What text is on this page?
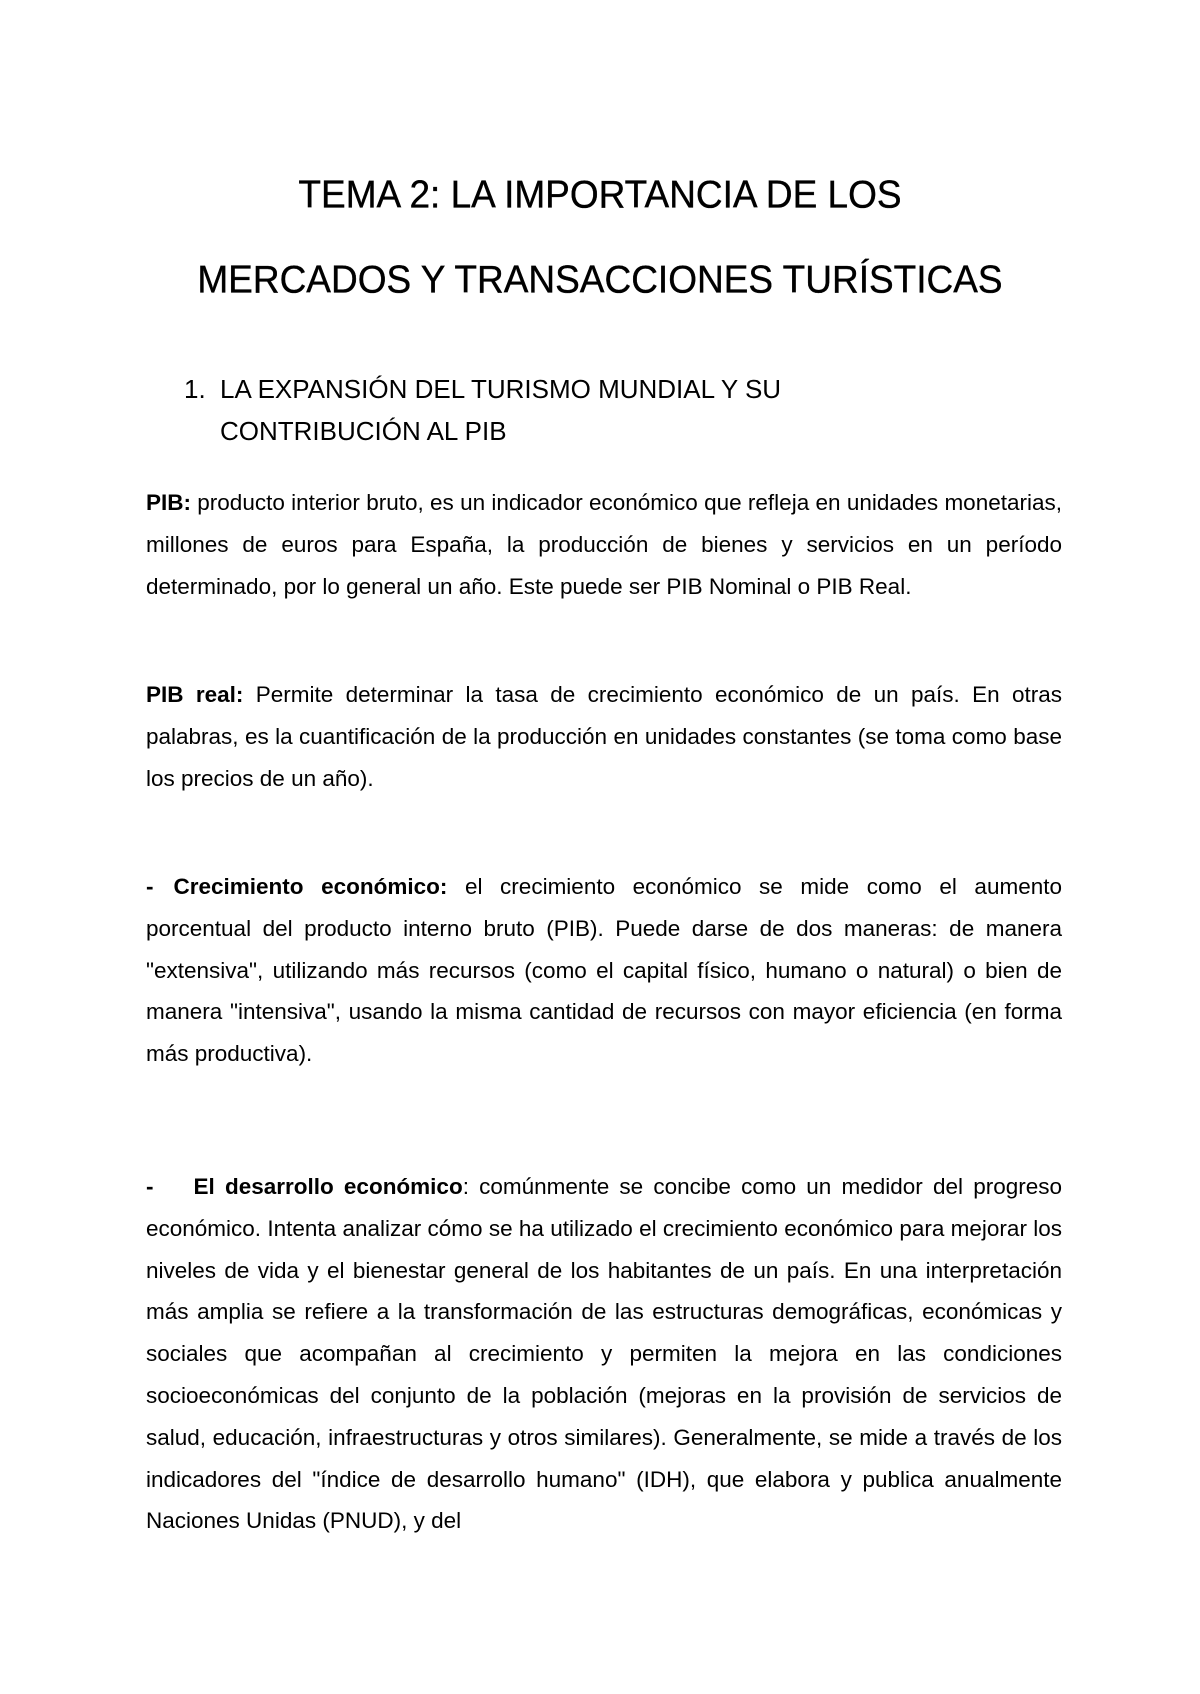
TEMA 2: LA IMPORTANCIA DE LOS
MERCADOS Y TRANSACCIONES TURÍSTICAS
1. LA EXPANSIÓN DEL TURISMO MUNDIAL Y SU CONTRIBUCIÓN AL PIB

PIB: producto interior bruto, es un indicador económico que refleja en unidades monetarias, millones de euros para España, la producción de bienes y servicios en un período determinado, por lo general un año. Este puede ser PIB Nominal o PIB Real.

PIB real: Permite determinar la tasa de crecimiento económico de un país. En otras palabras, es la cuantificación de la producción en unidades constantes (se toma como base los precios de un año).

- Crecimiento económico: el crecimiento económico se mide como el aumento porcentual del producto interno bruto (PIB). Puede darse de dos maneras: de manera "extensiva", utilizando más recursos (como el capital físico, humano o natural) o bien de manera "intensiva", usando la misma cantidad de recursos con mayor eficiencia (en forma más productiva).

- El desarrollo económico: comúnmente se concibe como un medidor del progreso económico. Intenta analizar cómo se ha utilizado el crecimiento económico para mejorar los niveles de vida y el bienestar general de los habitantes de un país. En una interpretación más amplia se refiere a la transformación de las estructuras demográficas, económicas y sociales que acompañan al crecimiento y permiten la mejora en las condiciones socioeconómicas del conjunto de la población (mejoras en la provisión de servicios de salud, educación, infraestructuras y otros similares). Generalmente, se mide a través de los indicadores del "índice de desarrollo humano" (IDH), que elabora y publica anualmente Naciones Unidas (PNUD), y del
